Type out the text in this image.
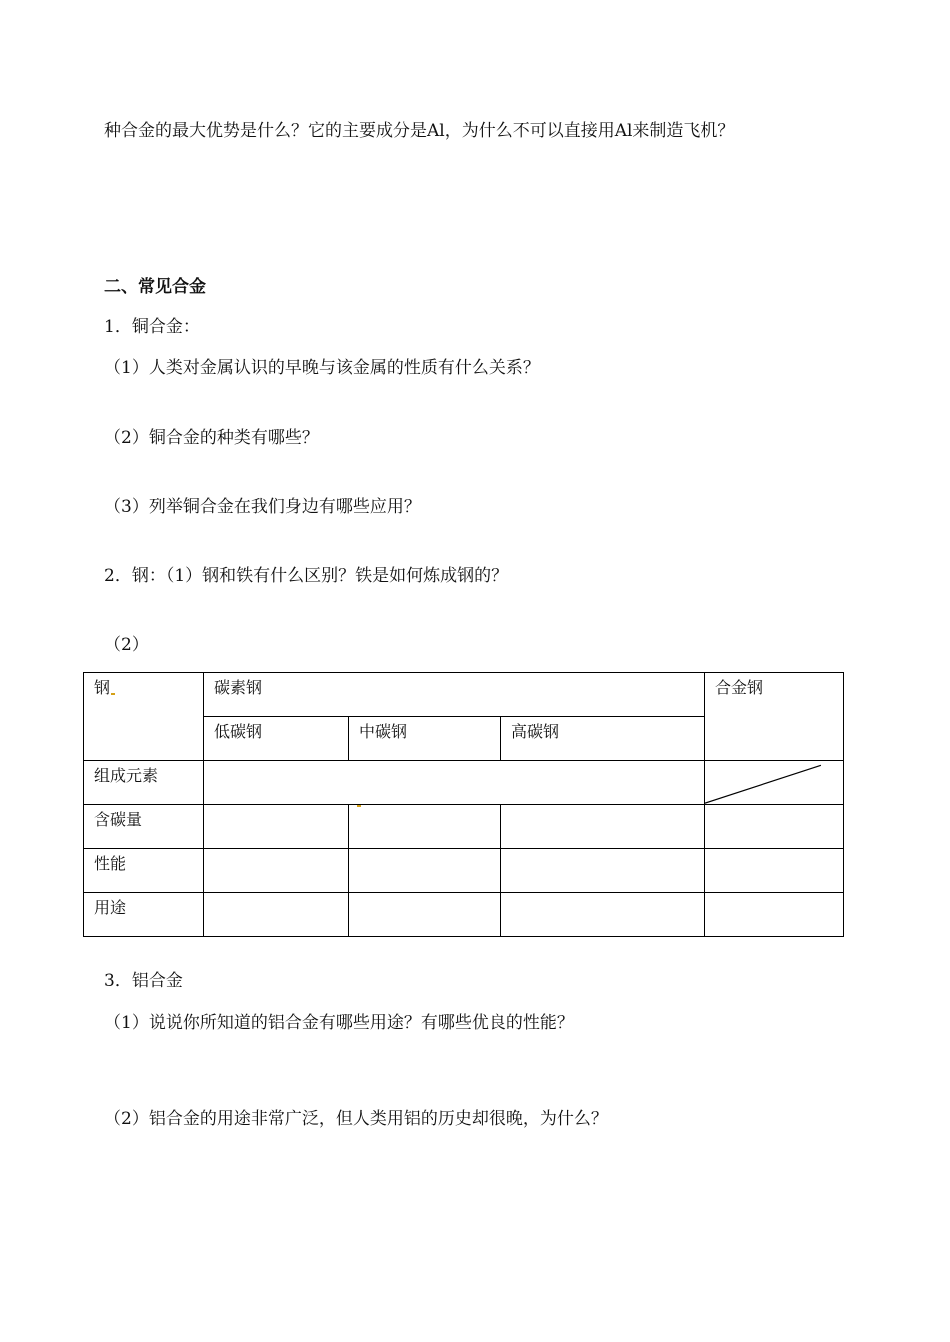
种合金的最大优势是什么？它的主要成分是Al，为什么不可以直接用Al来制造飞机？
二、常见合金
1．铜合金：
（1）人类对金属认识的早晚与该金属的性质有什么关系？
（2）铜合金的种类有哪些？
（3）列举铜合金在我们身边有哪些应用？
2．钢：（1）钢和铁有什么区别？铁是如何炼成钢的？
（2）
钢	碳素钢			合金钢
	低碳钢	中碳钢	高碳钢	
组成元素		

含碳量		

性能				
用途				
3．铝合金
（1）说说你所知道的铝合金有哪些用途？有哪些优良的性能？
（2）铝合金的用途非常广泛，但人类用铝的历史却很晚，为什么？
